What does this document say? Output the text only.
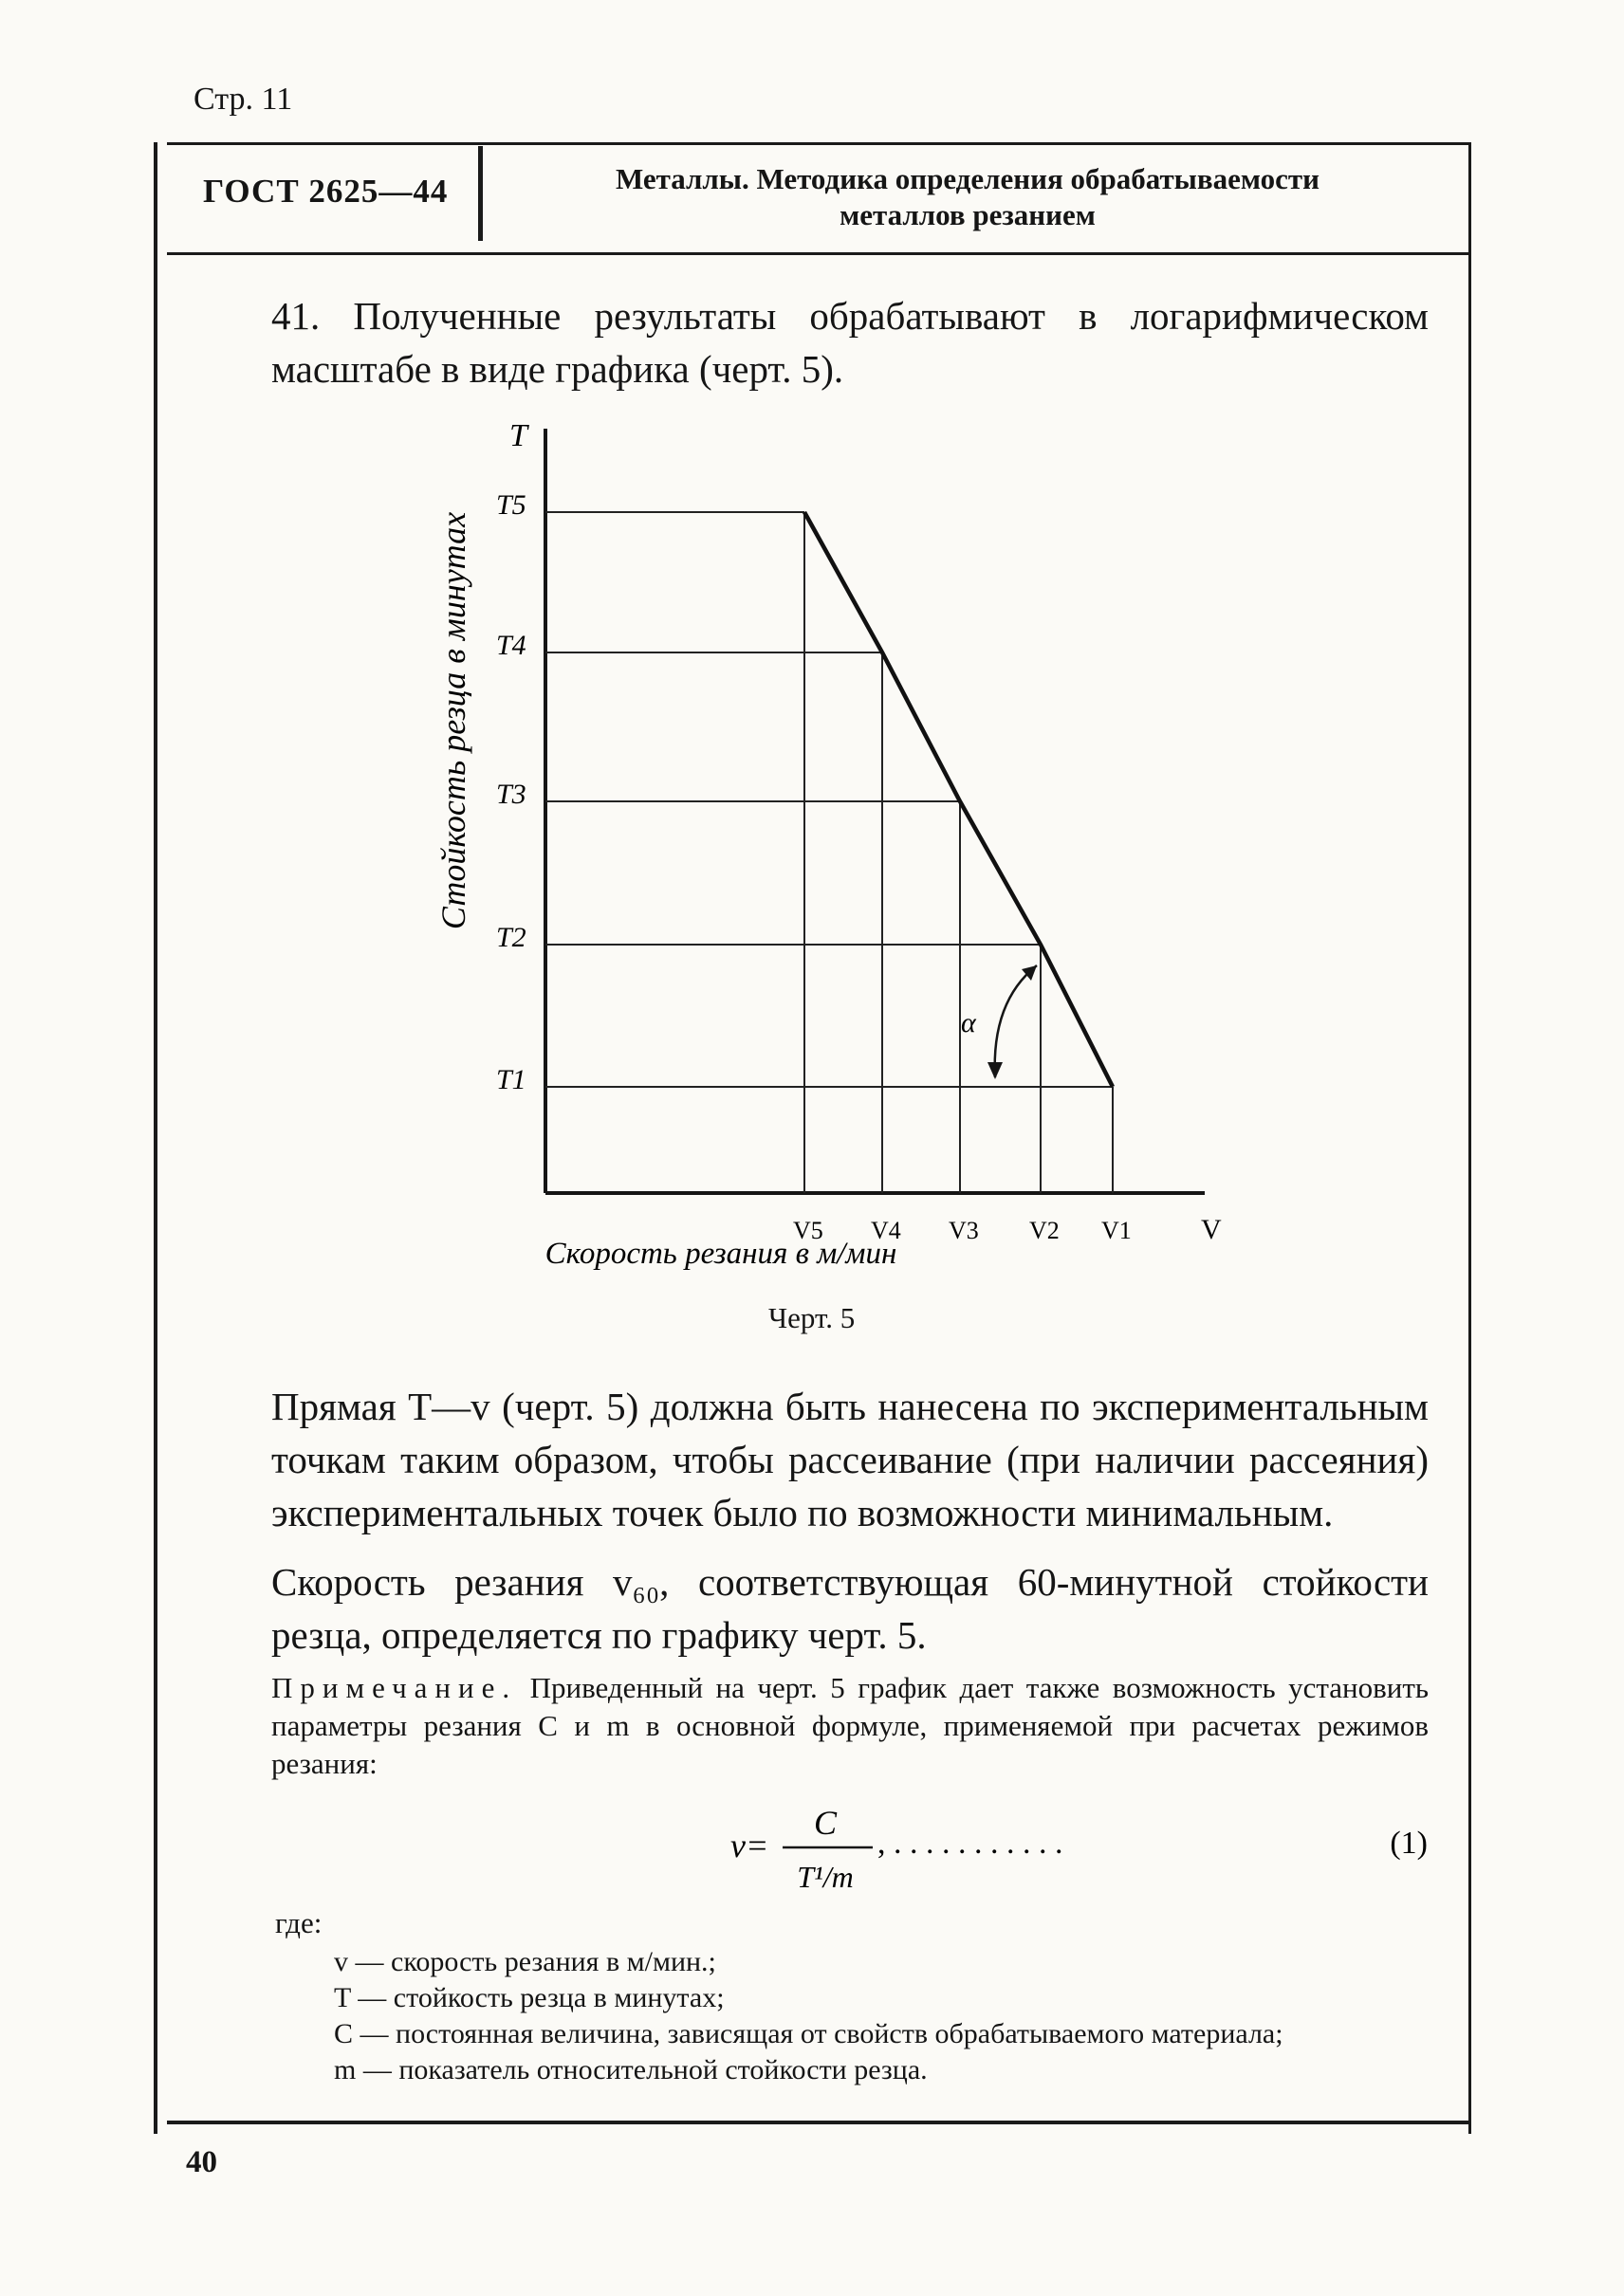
Стр. 11
ГОСТ 2625—44	Металлы. Методика определения обрабатываемости
металлов резанием
41. Полученные результаты обрабатывают в логарифмическом масштабе в виде графика (черт. 5).
T
V
T5
T4
T3
T2
T1
V5 V4 V3 V2 V1
α
Стойкость резца в минутах
Скорость резания в м/мин
Черт. 5
Прямая T—v (черт. 5) должна быть нанесена по экспериментальным точкам таким образом, чтобы рассеивание (при наличии рассеяния) экспериментальных точек было по возможности минимальным.
Скорость резания v₆₀, соответствующая 60-минутной стойкости резца, определяется по графику черт. 5.
Примечание. Приведенный на черт. 5 график дает также возможность установить параметры резания C и m в основной формуле, применяемой при расчетах режимов резания:
v=
C
T¹/m
, . . . . . . . . . . .	(1)
где:

v — скорость резания в м/мин.;

T — стойкость резца в минутах;

C — постоянная величина, зависящая от свойств обрабатываемого материала;

m — показатель относительной стойкости резца.

40
